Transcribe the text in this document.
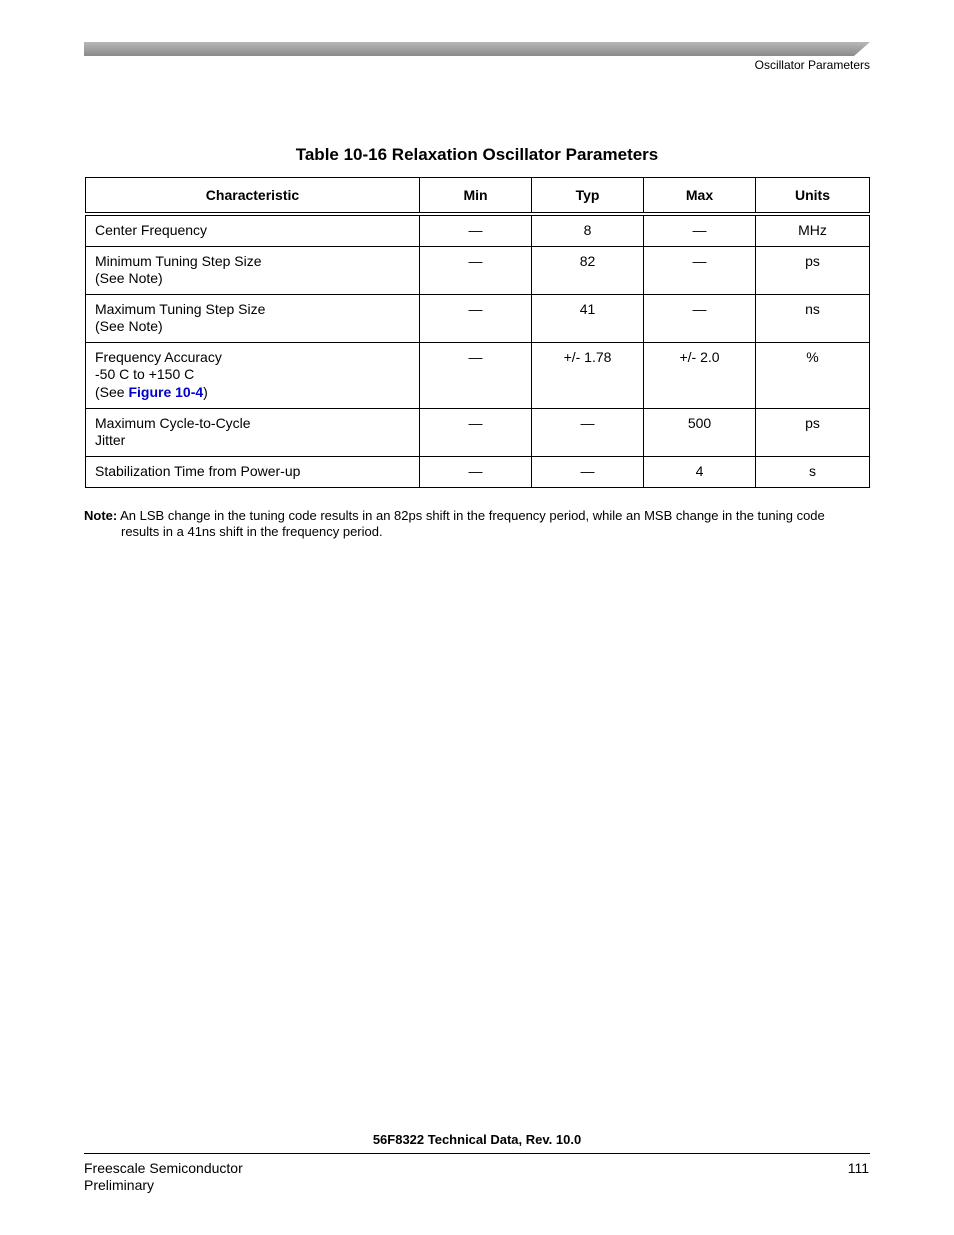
Oscillator Parameters
Table 10-16 Relaxation Oscillator Parameters
Characteristic	Min	Typ	Max	Units
Center Frequency	—	8	—	MHz
Minimum Tuning Step Size
(See Note)	—	82	—	ps
Maximum Tuning Step Size
(See Note)	—	41	—	ns
Frequency Accuracy
-50 C to +150 C
(See Figure 10-4)	—	+/- 1.78	+/- 2.0	%
Maximum Cycle-to-Cycle
Jitter	—	—	500	ps
Stabilization Time from Power-up	—	—	4	s
Note: An LSB change in the tuning code results in an 82ps shift in the frequency period, while an MSB change in the tuning code
results in a 41ns shift in the frequency period.
56F8322 Technical Data, Rev. 10.0
Freescale Semiconductor
Preliminary
111
